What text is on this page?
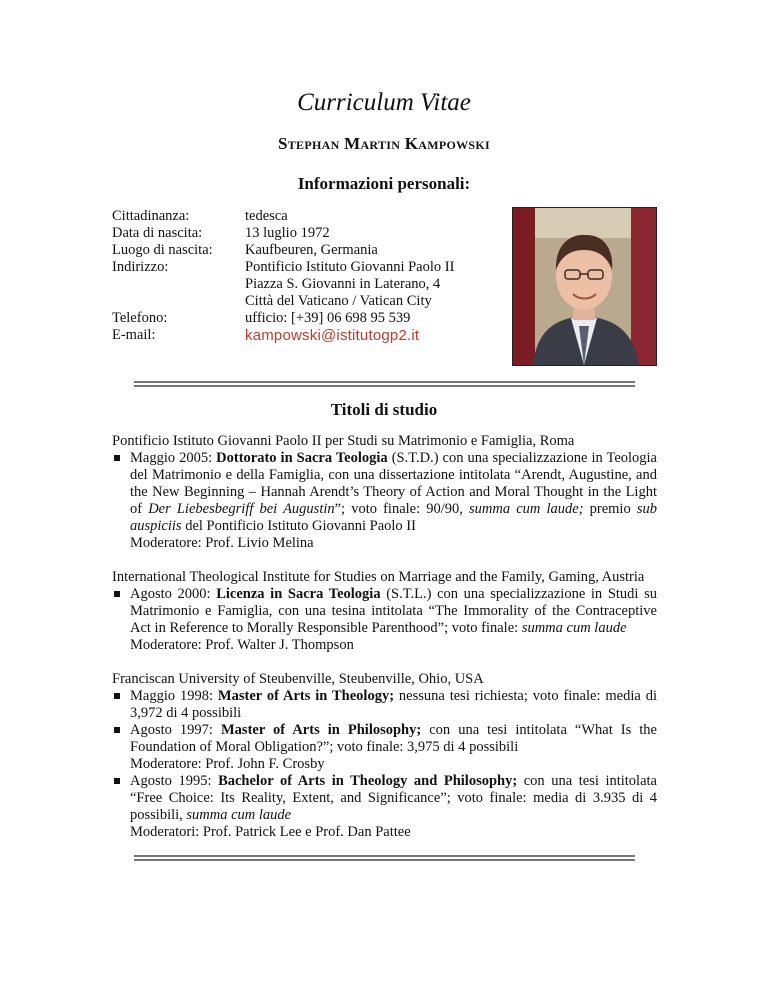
Curriculum Vitae
Stephan Martin Kampowski
Informazioni personali:
Cittadinanza:
Data di nascita:
Luogo di nascita:
Indirizzo:
Telefono:
E-mail:
tedesca
13 luglio 1972
Kaufbeuren, Germania
Pontificio Istituto Giovanni Paolo II
Piazza S. Giovanni in Laterano, 4
Città del Vaticano / Vatican City
ufficio: [+39] 06 698 95 539
kampowski@istitutogp2.it
Titoli di studio

Pontificio Istituto Giovanni Paolo II per Studi su Matrimonio e Famiglia, Roma

Maggio 2005: Dottorato in Sacra Teologia (S.T.D.) con una specializzazione in Teologia del Matrimonio e della Famiglia, con una dissertazione intitolata “Arendt, Augustine, and the New Beginning – Hannah Arendt’s Theory of Action and Moral Thought in the Light of Der Liebesbegriff bei Augustin”; voto finale: 90/90, summa cum laude; premio sub auspiciis del Pontificio Istituto Giovanni Paolo II
Moderatore: Prof. Livio Melina

International Theological Institute for Studies on Marriage and the Family, Gaming, Austria

Agosto 2000: Licenza in Sacra Teologia (S.T.L.) con una specializzazione in Studi su Matrimonio e Famiglia, con una tesina intitolata “The Immorality of the Contraceptive Act in Reference to Morally Responsible Parenthood”; voto finale: summa cum laude
Moderatore: Prof. Walter J. Thompson

Franciscan University of Steubenville, Steubenville, Ohio, USA

Maggio 1998: Master of Arts in Theology; nessuna tesi richiesta; voto finale: media di 3,972 di 4 possibili
Agosto 1997: Master of Arts in Philosophy; con una tesi intitolata “What Is the Foundation of Moral Obligation?”; voto finale: 3,975 di 4 possibili
Moderatore: Prof. John F. Crosby
Agosto 1995: Bachelor of Arts in Theology and Philosophy; con una tesi intitolata “Free Choice: Its Reality, Extent, and Significance”; voto finale: media di 3.935 di 4 possibili, summa cum laude
Moderatori: Prof. Patrick Lee e Prof. Dan Pattee
